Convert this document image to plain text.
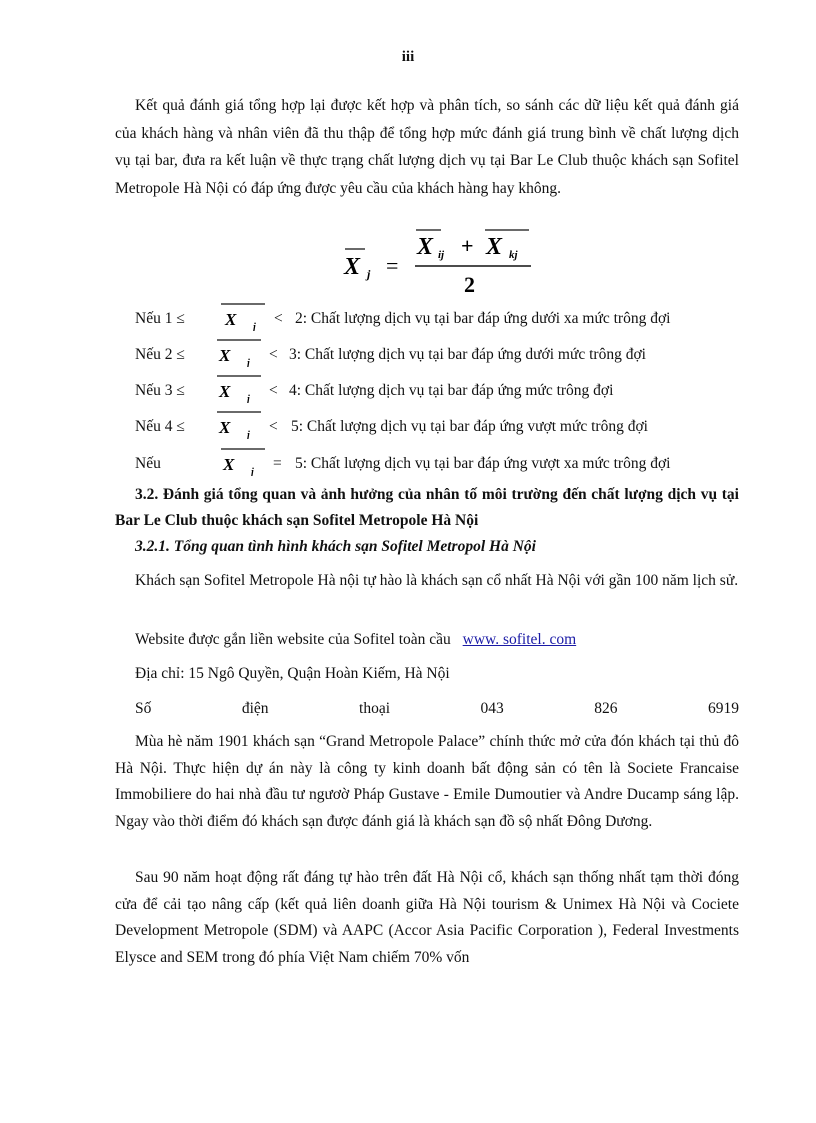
iii
Kết quả đánh giá tổng hợp lại được kết hợp và phân tích, so sánh các dữ liệu kết quả đánh giá của khách hàng và nhân viên đã thu thập để tổng hợp mức đánh giá trung bình về chất lượng dịch vụ tại bar, đưa ra kết luận về thực trạng chất lượng dịch vụ tại Bar Le Club thuộc khách sạn Sofitel Metropole Hà Nội có đáp ứng được yêu cầu của khách hàng hay không.
X j =
X ij + X kj
2
Nếu 1 ≤ X j
< 2: Chất lượng dịch vụ tại bar đáp ứng dưới xa mức trông đợi
Nếu 2 ≤ X j
< 3: Chất lượng dịch vụ tại bar đáp ứng dưới mức trông đợi
Nếu 3 ≤ X j
< 4: Chất lượng dịch vụ tại bar đáp ứng mức trông đợi
Nếu 4 ≤ X j
< 5: Chất lượng dịch vụ tại bar đáp ứng vượt mức trông đợi
Nếu	X j
= 5: Chất lượng dịch vụ tại bar đáp ứng vượt xa mức trông đợi
3.2. Đánh giá tổng quan và ảnh hưởng của nhân tố môi trường đến chất lượng dịch vụ tại Bar Le Club thuộc khách sạn Sofitel Metropole Hà Nội
3.2.1. Tổng quan tình hình khách sạn Sofitel Metropol Hà Nội
Khách sạn Sofitel Metropole Hà nội tự hào là khách sạn cổ nhất Hà Nội với gần 100 năm lịch sử.
Website được gắn liền website của Sofitel toàn cầu www. sofitel. com
Địa chỉ: 15 Ngô Quyền, Quận Hoàn Kiếm, Hà Nội
Số	điện	thoại	043	826	6919
Mùa hè năm 1901 khách sạn “Grand Metropole Palace” chính thức mở cửa đón khách tại thủ đô Hà Nội. Thực hiện dự án này là công ty kinh doanh bất động sản có tên là Societe Francaise Immobiliere do hai nhà đầu tư ngươờ Pháp Gustave - Emile Dumoutier và Andre Ducamp sáng lập. Ngay vào thời điểm đó khách sạn được đánh giá là khách sạn đồ sộ nhất Đông Dương.
Sau 90 năm hoạt động rất đáng tự hào trên đất Hà Nội cổ, khách sạn thống nhất tạm thời đóng cửa để cải tạo nâng cấp (kết quả liên doanh giữa Hà Nội tourism & Unimex Hà Nội và Cociete Development Metropole (SDM) và AAPC (Accor Asia Pacific Corporation ), Federal Investments Elysce and SEM trong đó phía Việt Nam chiếm 70% vốn
